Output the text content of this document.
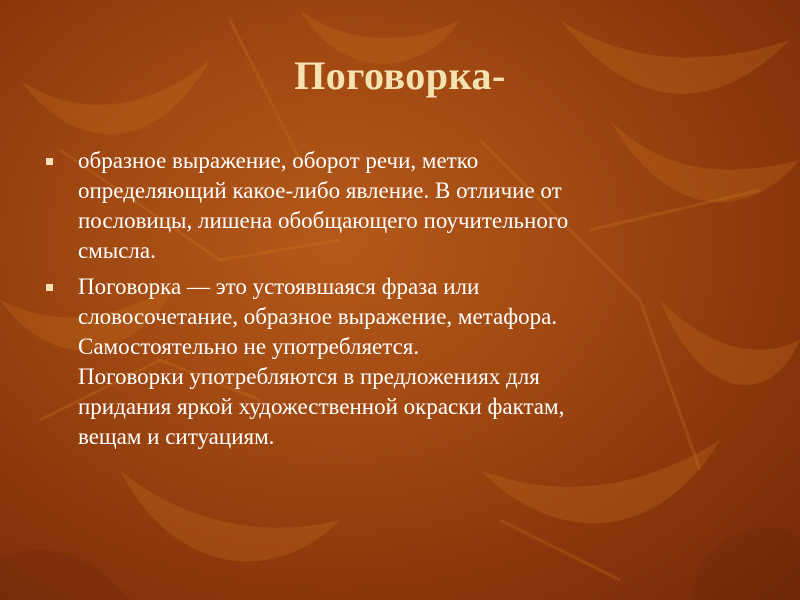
Поговорка-
образное выражение, оборот речи, метко
определяющий какое-либо явление. В отличие от
пословицы, лишена обобщающего поучительного
смысла.
Поговорка — это устоявшаяся фраза или
словосочетание, образное выражение, метафора.
Самостоятельно не употребляется.
Поговорки употребляются в предложениях для
придания яркой художественной окраски фактам,
вещам и ситуациям.
